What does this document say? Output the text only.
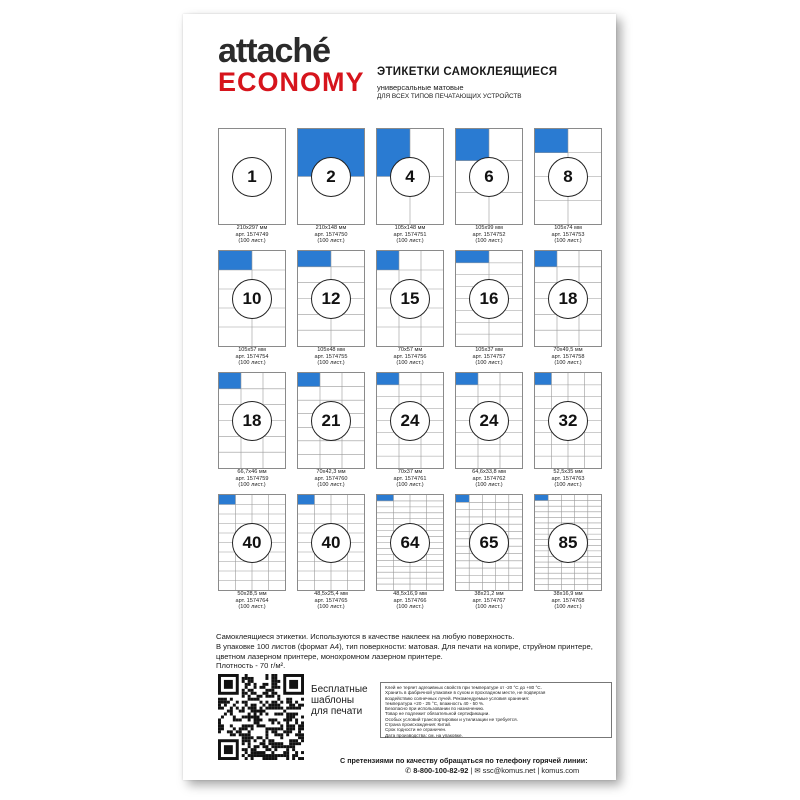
attaché
ECONOMY ЭТИКЕТКИ САМОКЛЕЯЩИЕСЯ
универсальные матовые
ДЛЯ ВСЕХ ТИПОВ ПЕЧАТАЮЩИХ УСТРОЙСТВ
1
210x297 мм
арт. 1574749
(100 лист.)
2
210x148 мм
арт. 1574750
(100 лист.)
4
105x148 мм
арт. 1574751
(100 лист.)
6
105x99 мм
арт. 1574752
(100 лист.)
8
105x74 мм
арт. 1574753
(100 лист.)
10
105x57 мм
арт. 1574754
(100 лист.)
12
105x48 мм
арт. 1574755
(100 лист.)
15
70x57 мм
арт. 1574756
(100 лист.)
16
105x37 мм
арт. 1574757
(100 лист.)
18
70x49,5 мм
арт. 1574758
(100 лист.)
18
66,7x46 мм
арт. 1574759
(100 лист.)
21
70x42,3 мм
арт. 1574760
(100 лист.)
24
70x37 мм
арт. 1574761
(100 лист.)
24
64,6x33,8 мм
арт. 1574762
(100 лист.)
32
52,5x35 мм
арт. 1574763
(100 лист.)
40
50x28,5 мм
арт. 1574764
(100 лист.)
40
48,5x25,4 мм
арт. 1574765
(100 лист.)
64
48,5x16,9 мм
арт. 1574766
(100 лист.)
65
38x21,2 мм
арт. 1574767
(100 лист.)
85
38x16,9 мм
арт. 1574768
(100 лист.)
Самоклеящиеся этикетки. Используются в качестве наклеек на любую поверхность.
В упаковке 100 листов (формат А4), тип поверхности: матовая. Для печати на копире, струйном принтере, цветном лазерном принтере, монохромном лазерном принтере.
Плотность - 70 г/м².
Бесплатные
шаблоны
для печати
Клей не теряет адгезивных свойств при температуре от -20 °С до +80 °С.
Хранить в фабричной упаковке в сухом и прохладном месте, не подвергая
воздействию солнечных лучей. Рекомендуемые условия хранения:
температура +20 - 25 °С, влажность 40 - 50 %.
Безопасно при использовании по назначению.
Товар не подлежит обязательной сертификации.
Особых условий транспортировки и утилизации не требуется.
Страна происхождения: Китай.
Срок годности не ограничен.
Дата производства: см. на упаковке.
С претензиями по качеству обращаться по телефону горячей линии:
✆ 8-800-100-82-92 | ✉ ssc@komus.net | komus.com
